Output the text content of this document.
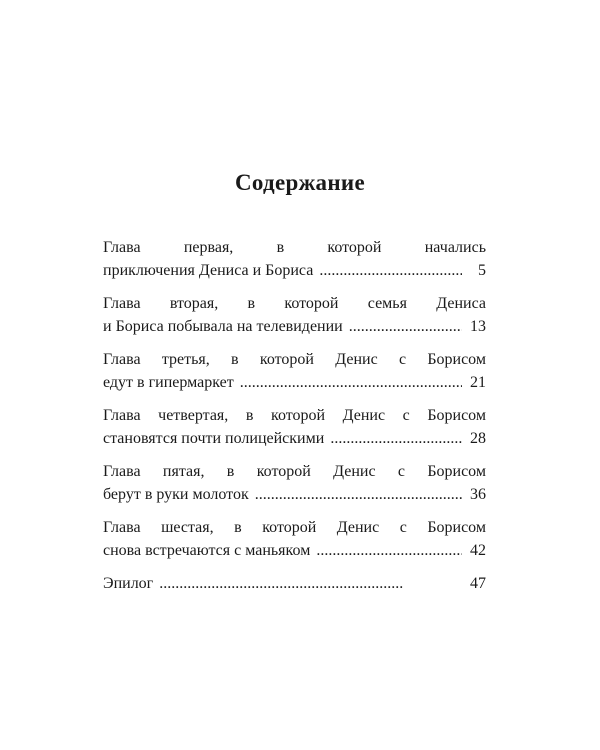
Содержание
Глава первая, в которой начались
приключения Дениса и Бориса . . .	5
Глава вторая, в которой семья Дениса
и Бориса побывала на телевидении . . .	13
Глава третья, в которой Денис с Борисом
едут в гипермаркет . . .	21
Глава четвертая, в которой Денис с Борисом
становятся почти полицейскими . . .	28
Глава пятая, в которой Денис с Борисом
берут в руки молоток . . .	36
Глава шестая, в которой Денис с Борисом
снова встречаются с маньяком . . .	42
Эпилог . . .	47
